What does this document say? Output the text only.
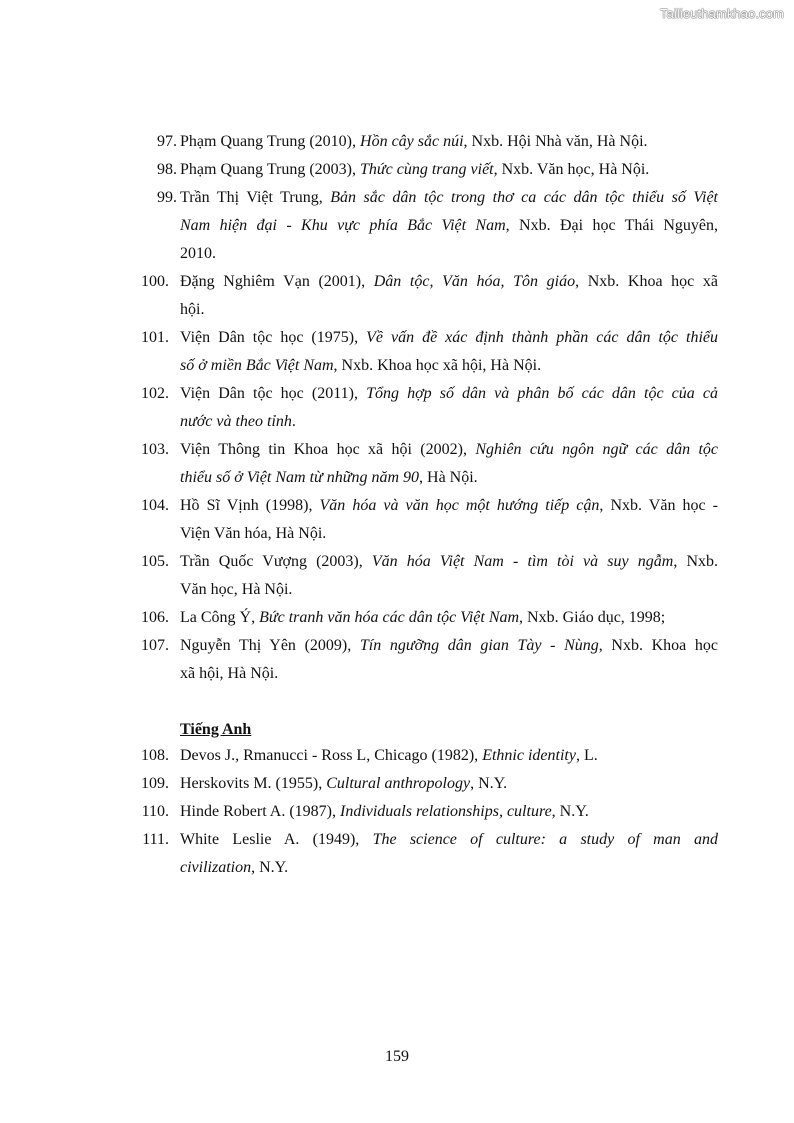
Tailieuthamkhao.com
97. Phạm Quang Trung (2010), Hồn cây sắc núi, Nxb. Hội Nhà văn, Hà Nội.
98. Phạm Quang Trung (2003), Thức cùng trang viết, Nxb. Văn học, Hà Nội.
99. Trần Thị Việt Trung, Bản sắc dân tộc trong thơ ca các dân tộc thiểu số Việt
Nam hiện đại - Khu vực phía Bắc Việt Nam, Nxb. Đại học Thái Nguyên,
2010.
100. Đặng Nghiêm Vạn (2001), Dân tộc, Văn hóa, Tôn giáo, Nxb. Khoa học xã
hội.
101. Viện Dân tộc học (1975), Về vấn đề xác định thành phần các dân tộc thiểu
số ở miền Bắc Việt Nam, Nxb. Khoa học xã hội, Hà Nội.
102. Viện Dân tộc học (2011), Tổng hợp số dân và phân bố các dân tộc của cả
nước và theo tỉnh.
103. Viện Thông tin Khoa học xã hội (2002), Nghiên cứu ngôn ngữ các dân tộc
thiểu số ở Việt Nam từ những năm 90, Hà Nội.
104. Hồ Sĩ Vịnh (1998), Văn hóa và văn học một hướng tiếp cận, Nxb. Văn học -
Viện Văn hóa, Hà Nội.
105. Trần Quốc Vượng (2003), Văn hóa Việt Nam - tìm tòi và suy ngẫm, Nxb.
Văn học, Hà Nội.
106. La Công Ý, Bức tranh văn hóa các dân tộc Việt Nam, Nxb. Giáo dục, 1998;
107. Nguyễn Thị Yên (2009), Tín ngưỡng dân gian Tày - Nùng, Nxb. Khoa học
xã hội, Hà Nội.
Tiếng Anh
108. Devos J., Rmanucci - Ross L, Chicago (1982), Ethnic identity, L.
109. Herskovits M. (1955), Cultural anthropology, N.Y.
110. Hinde Robert A. (1987), Individuals relationships, culture, N.Y.
111. White Leslie A. (1949), The science of culture: a study of man and
civilization, N.Y.
159
